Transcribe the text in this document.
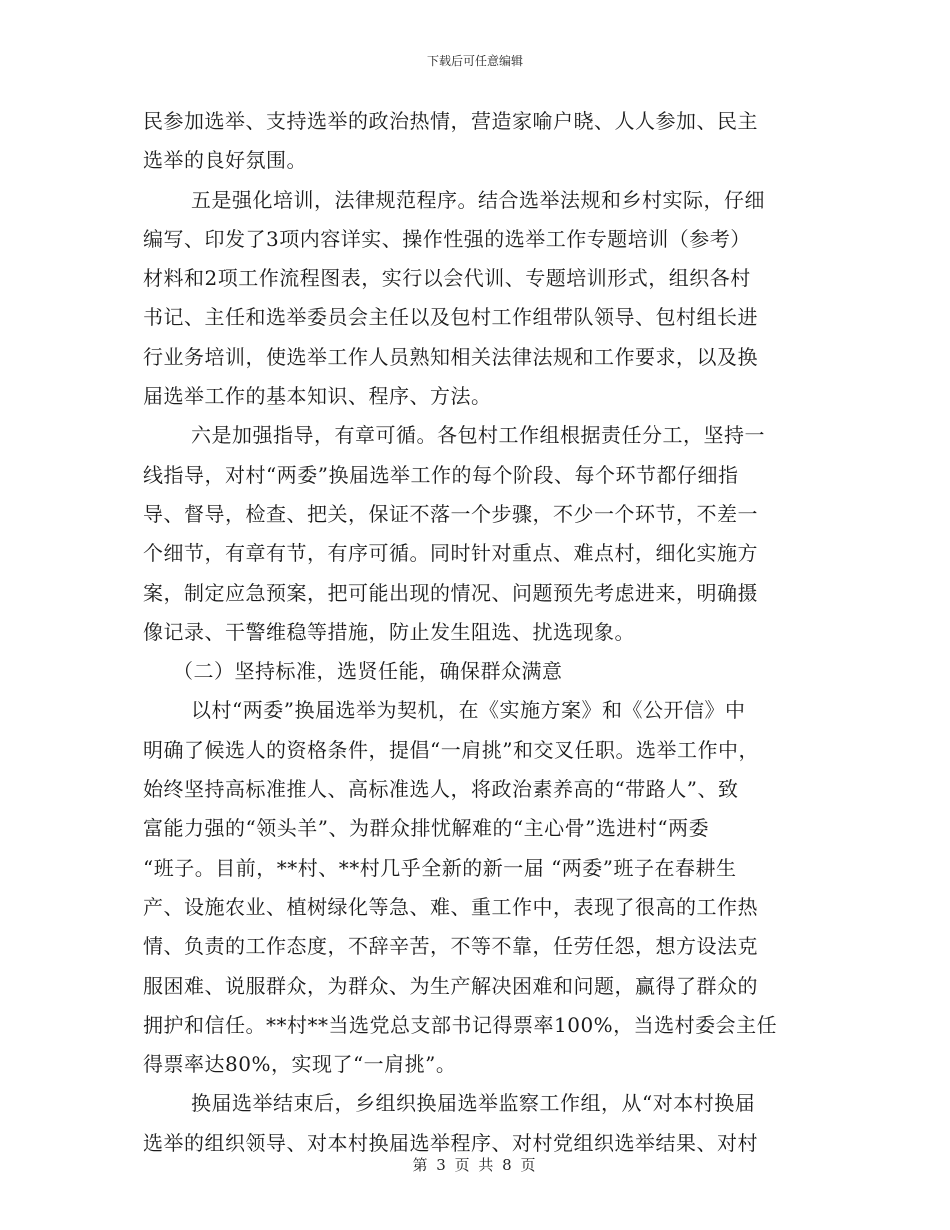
下载后可任意编辑
民参加选举、支持选举的政治热情，营造家喻户晓、人人参加、民主
选举的良好氛围。
五是强化培训，法律规范程序。结合选举法规和乡村实际，仔细
编写、印发了3项内容详实、操作性强的选举工作专题培训（参考）
材料和2项工作流程图表，实行以会代训、专题培训形式，组织各村
书记、主任和选举委员会主任以及包村工作组带队领导、包村组长进
行业务培训，使选举工作人员熟知相关法律法规和工作要求，以及换
届选举工作的基本知识、程序、方法。
六是加强指导，有章可循。各包村工作组根据责任分工，坚持一
线指导，对村“两委”换届选举工作的每个阶段、每个环节都仔细指
导、督导，检查、把关，保证不落一个步骤，不少一个环节，不差一
个细节，有章有节，有序可循。同时针对重点、难点村，细化实施方
案，制定应急预案，把可能出现的情况、问题预先考虑进来，明确摄
像记录、干警维稳等措施，防止发生阻选、扰选现象。
（二）坚持标准，选贤任能，确保群众满意
以村“两委”换届选举为契机，在《实施方案》和《公开信》中
明确了候选人的资格条件，提倡“一肩挑”和交叉任职。选举工作中，
始终坚持高标准推人、高标准选人，将政治素养高的“带路人”、致
富能力强的“领头羊”、为群众排忧解难的“主心骨”选进村“两委
“班子。目前，**村、**村几乎全新的新一届 “两委”班子在春耕生
产、设施农业、植树绿化等急、难、重工作中，表现了很高的工作热
情、负责的工作态度，不辞辛苦，不等不靠，任劳任怨，想方设法克
服困难、说服群众，为群众、为生产解决困难和问题，赢得了群众的
拥护和信任。**村**当选党总支部书记得票率100%，当选村委会主任
得票率达80%，实现了“一肩挑”。
换届选举结束后，乡组织换届选举监察工作组，从“对本村换届
选举的组织领导、对本村换届选举程序、对村党组织选举结果、对村
第 3 页 共 8 页
